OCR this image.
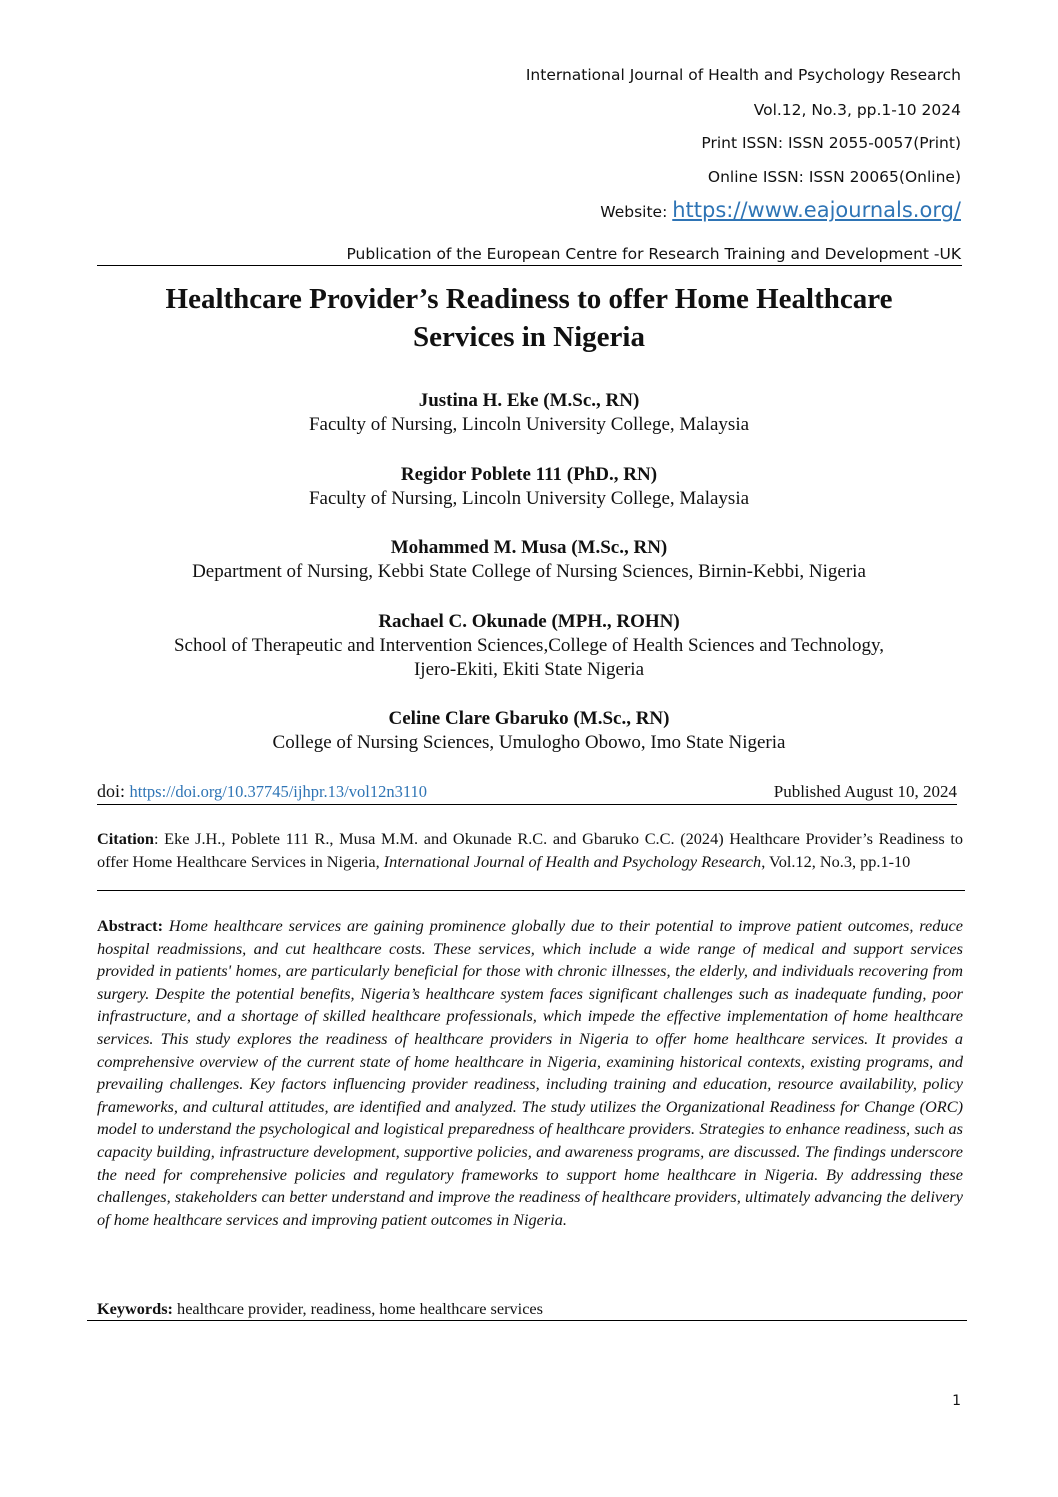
International Journal of Health and Psychology Research
Vol.12, No.3, pp.1-10 2024
Print ISSN: ISSN 2055-0057(Print)
Online ISSN: ISSN 20065(Online)
Website: https://www.eajournals.org/
Publication of the European Centre for Research Training and Development -UK
Healthcare Provider’s Readiness to offer Home Healthcare
Services in Nigeria
Justina H. Eke (M.Sc., RN)
Faculty of Nursing, Lincoln University College, Malaysia
Regidor Poblete 111 (PhD., RN)
Faculty of Nursing, Lincoln University College, Malaysia
Mohammed M. Musa (M.Sc., RN)
Department of Nursing, Kebbi State College of Nursing Sciences, Birnin-Kebbi, Nigeria
Rachael C. Okunade (MPH., ROHN)
School of Therapeutic and Intervention Sciences,College of Health Sciences and Technology,
Ijero-Ekiti, Ekiti State Nigeria
Celine Clare Gbaruko (M.Sc., RN)
College of Nursing Sciences, Umulogho Obowo, Imo State Nigeria
doi: https://doi.org/10.37745/ijhpr.13/vol12n3110	Published August 10, 2024
Citation: Eke J.H., Poblete 111 R., Musa M.M. and Okunade R.C. and Gbaruko C.C. (2024) Healthcare Provider’s Readiness to offer Home Healthcare Services in Nigeria, International Journal of Health and Psychology Research, Vol.12, No.3, pp.1-10
Abstract: Home healthcare services are gaining prominence globally due to their potential to improve patient outcomes, reduce hospital readmissions, and cut healthcare costs. These services, which include a wide range of medical and support services provided in patients' homes, are particularly beneficial for those with chronic illnesses, the elderly, and individuals recovering from surgery. Despite the potential benefits, Nigeria’s healthcare system faces significant challenges such as inadequate funding, poor infrastructure, and a shortage of skilled healthcare professionals, which impede the effective implementation of home healthcare services. This study explores the readiness of healthcare providers in Nigeria to offer home healthcare services. It provides a comprehensive overview of the current state of home healthcare in Nigeria, examining historical contexts, existing programs, and prevailing challenges. Key factors influencing provider readiness, including training and education, resource availability, policy frameworks, and cultural attitudes, are identified and analyzed. The study utilizes the Organizational Readiness for Change (ORC) model to understand the psychological and logistical preparedness of healthcare providers. Strategies to enhance readiness, such as capacity building, infrastructure development, supportive policies, and awareness programs, are discussed. The findings underscore the need for comprehensive policies and regulatory frameworks to support home healthcare in Nigeria. By addressing these challenges, stakeholders can better understand and improve the readiness of healthcare providers, ultimately advancing the delivery of home healthcare services and improving patient outcomes in Nigeria.
Keywords: healthcare provider, readiness, home healthcare services
1
